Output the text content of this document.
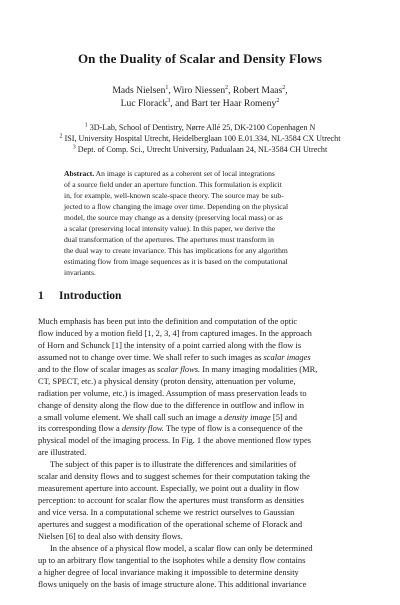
On the Duality of Scalar and Density Flows
Mads Nielsen$^1$, Wiro Niessen$^2$, Robert Maas$^2$,
Luc Florack$^3$, and Bart ter Haar Romeny$^2$
$^1$ 3D-Lab, School of Dentistry, Nørre Allé 25, DK-2100 Copenhagen N
$^2$ ISI, University Hospital Utrecht, Heidelberglaan 100 E.01.334, NL-3584 CX Utrecht
$^3$ Dept. of Comp. Sci., Utrecht University, Padualaan 24, NL-3584 CH Utrecht
Abstract. An image is captured as a coherent set of local integrations
of a source field under an aperture function. This formulation is explicit
in, for example, well-known scale-space theory. The source may be sub-
jected to a flow changing the image over time. Depending on the physical
model, the source may change as a density (preserving local mass) or as
a scalar (preserving local intensity value). In this paper, we derive the
dual transformation of the apertures. The apertures must transform in
the dual way to create invariance. This has implications for any algorithm
estimating flow from image sequences as it is based on the computational
invariants.
1 Introduction
Much emphasis has been put into the definition and computation of the optic
flow induced by a motion field [1, 2, 3, 4] from captured images. In the approach
of Horn and Schunck [1] the intensity of a point carried along with the flow is
assumed not to change over time. We shall refer to such images as scalar images
and to the flow of scalar images as scalar flows. In many imaging modalities (MR,
CT, SPECT, etc.) a physical density (proton density, attenuation per volume,
radiation per volume, etc.) is imaged. Assumption of mass preservation leads to
change of density along the flow due to the difference in outflow and inflow in
a small volume element. We shall call such an image a density image [5] and
its corresponding flow a density flow. The type of flow is a consequence of the
physical model of the imaging process. In Fig. 1 the above mentioned flow types
are illustrated.
The subject of this paper is to illustrate the differences and similarities of
scalar and density flows and to suggest schemes for their computation taking the
measurement aperture into account. Especially, we point out a duality in flow
perception: to account for scalar flow the apertures must transform as densities
and vice versa. In a computational scheme we restrict ourselves to Gaussian
apertures and suggest a modification of the operational scheme of Florack and
Nielsen [6] to deal also with density flows.
In the absence of a physical flow model, a scalar flow can only be determined
up to an arbitrary flow tangential to the isophotes while a density flow contains
a higher degree of local invariance making it impossible to determine density
flows uniquely on the basis of image structure alone. This additional invariance
